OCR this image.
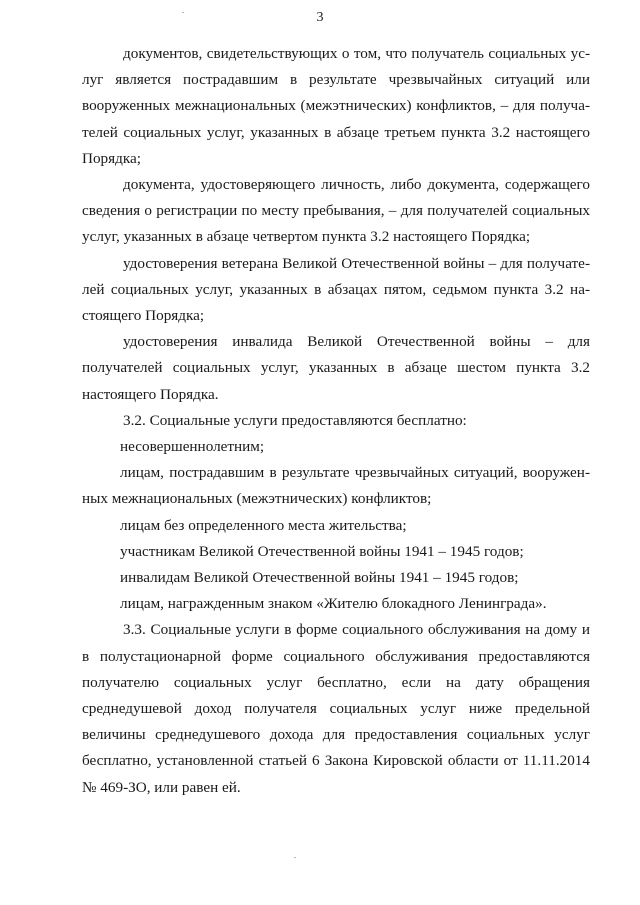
3

документов, свидетельствующих о том, что получатель социальных услуг является пострадавшим в результате чрезвычайных ситуаций или вооруженных межнациональных (межэтнических) конфликтов, – для получателей социальных услуг, указанных в абзаце третьем пункта 3.2 настоящего Порядка;

документа, удостоверяющего личность, либо документа, содержащего сведения о регистрации по месту пребывания, – для получателей социальных услуг, указанных в абзаце четвертом пункта 3.2 настоящего Порядка;

удостоверения ветерана Великой Отечественной войны – для получателей социальных услуг, указанных в абзацах пятом, седьмом пункта 3.2 настоящего Порядка;

удостоверения инвалида Великой Отечественной войны – для получателей социальных услуг, указанных в абзаце шестом пункта 3.2 настоящего Порядка.

3.2. Социальные услуги предоставляются бесплатно:

несовершеннолетним;

лицам, пострадавшим в результате чрезвычайных ситуаций, вооруженных межнациональных (межэтнических) конфликтов;

лицам без определенного места жительства;

участникам Великой Отечественной войны 1941 – 1945 годов;

инвалидам Великой Отечественной войны 1941 – 1945 годов;

лицам, награжденным знаком «Жителю блокадного Ленинграда».

3.3. Социальные услуги в форме социального обслуживания на дому и в полустационарной форме социального обслуживания предоставляются получателю социальных услуг бесплатно, если на дату обращения среднедушевой доход получателя социальных услуг ниже предельной величины среднедушевого дохода для предоставления социальных услуг бесплатно, установленной статьей 6 Закона Кировской области от 11.11.2014 № 469-ЗО, или равен ей.
